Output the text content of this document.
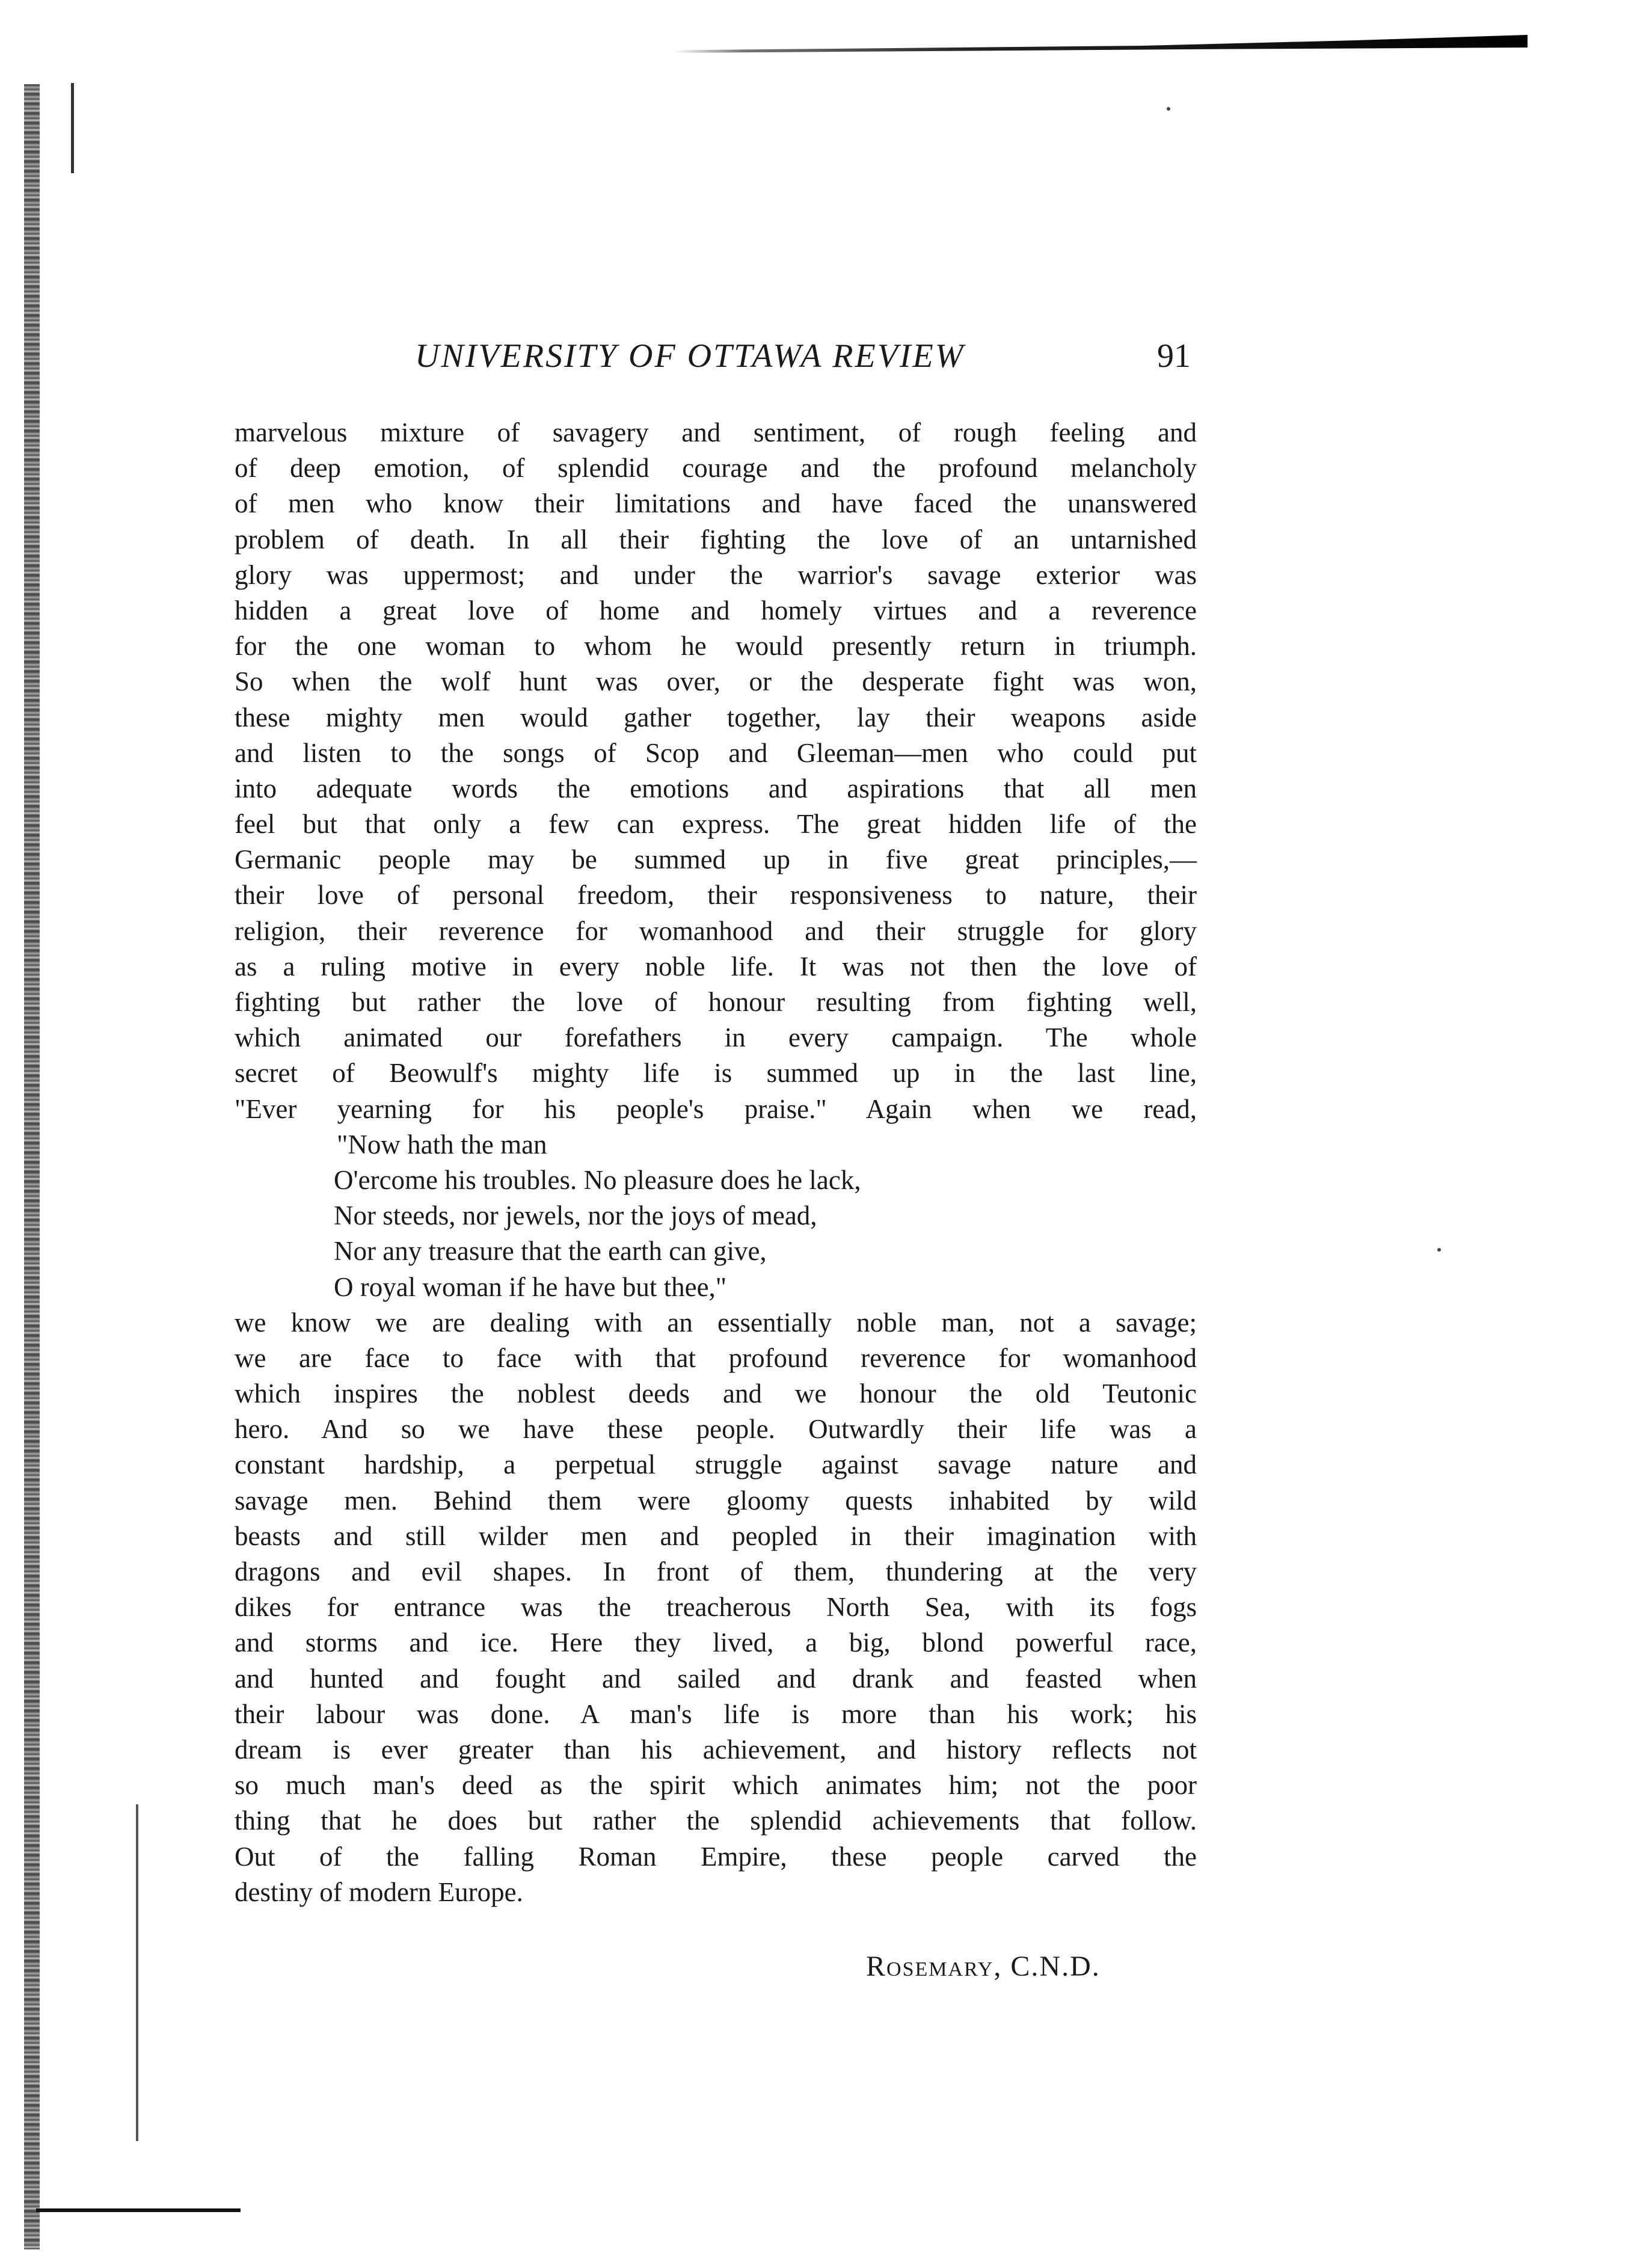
UNIVERSITY OF OTTAWA REVIEW	91
marvelous mixture of savagery and sentiment, of rough feeling and
of deep emotion, of splendid courage and the profound melancholy
of men who know their limitations and have faced the unanswered
problem of death. In all their fighting the love of an untarnished
glory was uppermost; and under the warrior's savage exterior was
hidden a great love of home and homely virtues and a reverence
for the one woman to whom he would presently return in triumph.
So when the wolf hunt was over, or the desperate fight was won,
these mighty men would gather together, lay their weapons aside
and listen to the songs of Scop and Gleeman—men who could put
into adequate words the emotions and aspirations that all men
feel but that only a few can express. The great hidden life of the
Germanic people may be summed up in five great principles,—
their love of personal freedom, their responsiveness to nature, their
religion, their reverence for womanhood and their struggle for glory
as a ruling motive in every noble life. It was not then the love of
fighting but rather the love of honour resulting from fighting well,
which animated our forefathers in every campaign. The whole
secret of Beowulf's mighty life is summed up in the last line,
"Ever yearning for his people's praise." Again when we read,
"Now hath the man
O'ercome his troubles. No pleasure does he lack,
Nor steeds, nor jewels, nor the joys of mead,
Nor any treasure that the earth can give,
O royal woman if he have but thee,"
we know we are dealing with an essentially noble man, not a savage;
we are face to face with that profound reverence for womanhood
which inspires the noblest deeds and we honour the old Teutonic
hero. And so we have these people. Outwardly their life was a
constant hardship, a perpetual struggle against savage nature and
savage men. Behind them were gloomy quests inhabited by wild
beasts and still wilder men and peopled in their imagination with
dragons and evil shapes. In front of them, thundering at the very
dikes for entrance was the treacherous North Sea, with its fogs
and storms and ice. Here they lived, a big, blond powerful race,
and hunted and fought and sailed and drank and feasted when
their labour was done. A man's life is more than his work; his
dream is ever greater than his achievement, and history reflects not
so much man's deed as the spirit which animates him; not the poor
thing that he does but rather the splendid achievements that follow.
Out of the falling Roman Empire, these people carved the
destiny of modern Europe.
Rosemary, C.N.D.
